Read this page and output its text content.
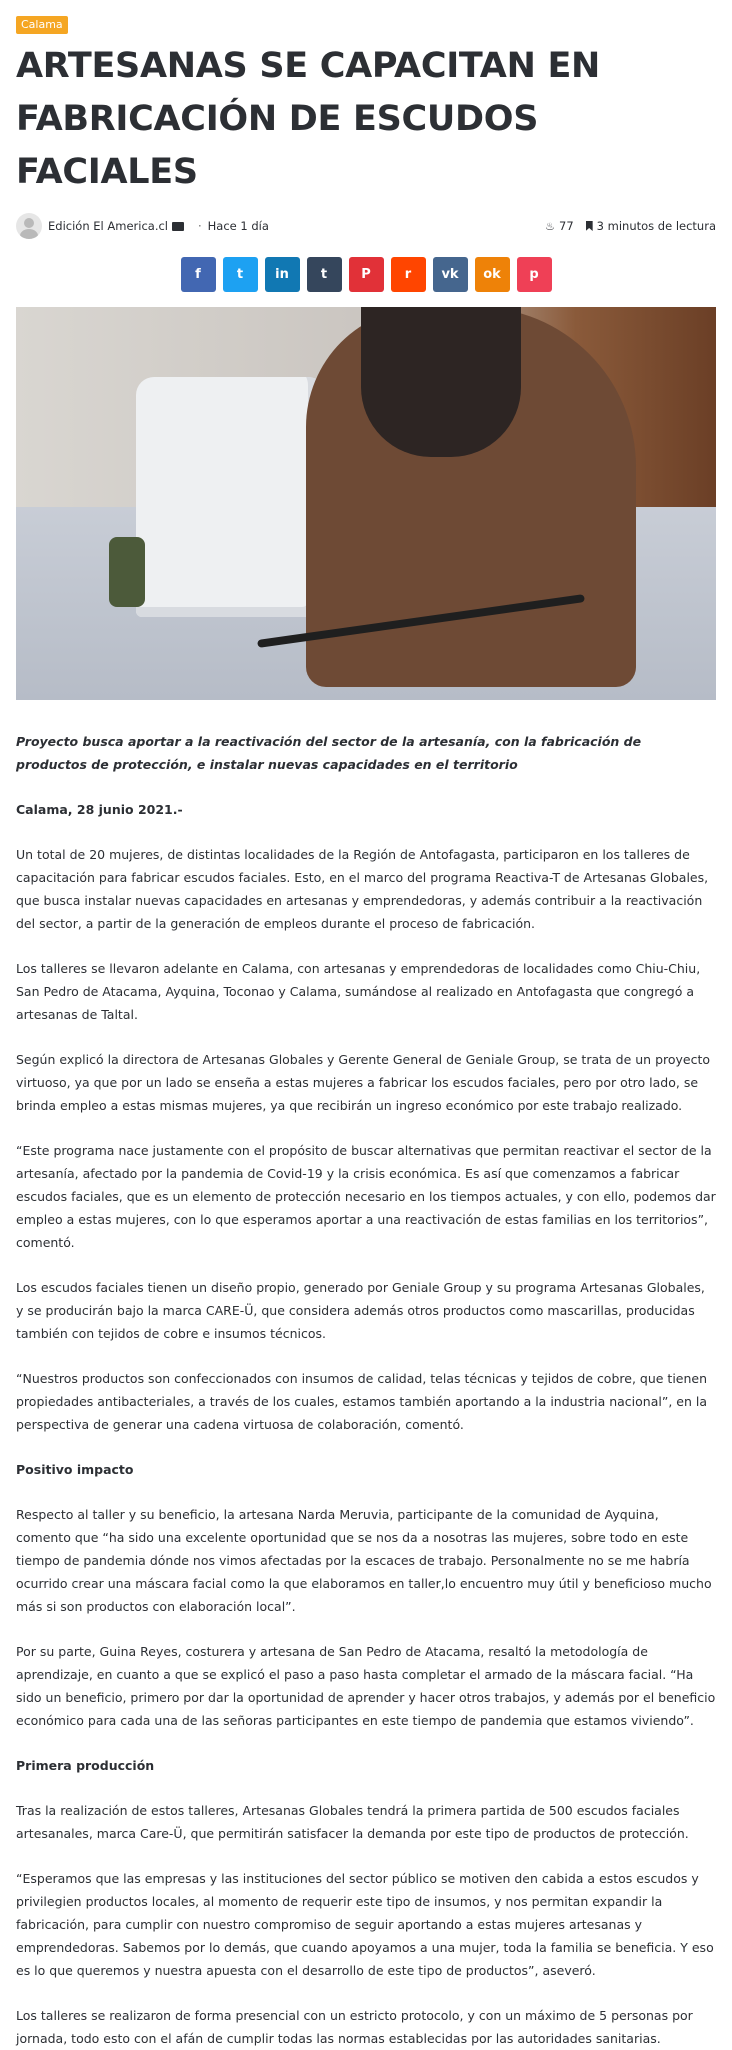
Calama
ARTESANAS SE CAPACITAN EN FABRICACIÓN DE ESCUDOS FACIALES
Edición El America.cl	· Hace 1 día	♨ 77 3 minutos de lectura
f	t	in	t	P	r	vk	ok	p

Proyecto busca aportar a la reactivación del sector de la artesanía, con la fabricación de productos de protección, e instalar nuevas capacidades en el territorio

Calama, 28 junio 2021.-

Un total de 20 mujeres, de distintas localidades de la Región de Antofagasta, participaron en los talleres de capacitación para fabricar escudos faciales. Esto, en el marco del programa Reactiva-T de Artesanas Globales, que busca instalar nuevas capacidades en artesanas y emprendedoras, y además contribuir a la reactivación del sector, a partir de la generación de empleos durante el proceso de fabricación.

Los talleres se llevaron adelante en Calama, con artesanas y emprendedoras de localidades como Chiu-Chiu, San Pedro de Atacama, Ayquina, Toconao y Calama, sumándose al realizado en Antofagasta que congregó a artesanas de Taltal.

Según explicó la directora de Artesanas Globales y Gerente General de Geniale Group, se trata de un proyecto virtuoso, ya que por un lado se enseña a estas mujeres a fabricar los escudos faciales, pero por otro lado, se brinda empleo a estas mismas mujeres, ya que recibirán un ingreso económico por este trabajo realizado.

“Este programa nace justamente con el propósito de buscar alternativas que permitan reactivar el sector de la artesanía, afectado por la pandemia de Covid-19 y la crisis económica. Es así que comenzamos a fabricar escudos faciales, que es un elemento de protección necesario en los tiempos actuales, y con ello, podemos dar empleo a estas mujeres, con lo que esperamos aportar a una reactivación de estas familias en los territorios”, comentó.

Los escudos faciales tienen un diseño propio, generado por Geniale Group y su programa Artesanas Globales, y se producirán bajo la marca CARE-Ü, que considera además otros productos como mascarillas, producidas también con tejidos de cobre e insumos técnicos.

“Nuestros productos son confeccionados con insumos de calidad, telas técnicas y tejidos de cobre, que tienen propiedades antibacteriales, a través de los cuales, estamos también aportando a la industria nacional”, en la perspectiva de generar una cadena virtuosa de colaboración, comentó.

Positivo impacto

Respecto al taller y su beneficio, la artesana Narda Meruvia, participante de la comunidad de Ayquina, comento que “ha sido una excelente oportunidad que se nos da a nosotras las mujeres, sobre todo en este tiempo de pandemia dónde nos vimos afectadas por la escaces de trabajo. Personalmente no se me habría ocurrido crear una máscara facial como la que elaboramos en taller,lo encuentro muy útil y beneficioso mucho más si son productos con elaboración local”.

Por su parte, Guina Reyes, costurera y artesana de San Pedro de Atacama, resaltó la metodología de aprendizaje, en cuanto a que se explicó el paso a paso hasta completar el armado de la máscara facial. “Ha sido un beneficio, primero por dar la oportunidad de aprender y hacer otros trabajos, y además por el beneficio económico para cada una de las señoras participantes en este tiempo de pandemia que estamos viviendo”.

Primera producción

Tras la realización de estos talleres, Artesanas Globales tendrá la primera partida de 500 escudos faciales artesanales, marca Care-Ü, que permitirán satisfacer la demanda por este tipo de productos de protección.

“Esperamos que las empresas y las instituciones del sector público se motiven den cabida a estos escudos y privilegien productos locales, al momento de requerir este tipo de insumos, y nos permitan expandir la fabricación, para cumplir con nuestro compromiso de seguir aportando a estas mujeres artesanas y emprendedoras. Sabemos por lo demás, que cuando apoyamos a una mujer, toda la familia se beneficia. Y eso es lo que queremos y nuestra apuesta con el desarrollo de este tipo de productos”, aseveró.

Los talleres se realizaron de forma presencial con un estricto protocolo, y con un máximo de 5 personas por jornada, todo esto con el afán de cumplir todas las normas establecidas por las autoridades sanitarias.
